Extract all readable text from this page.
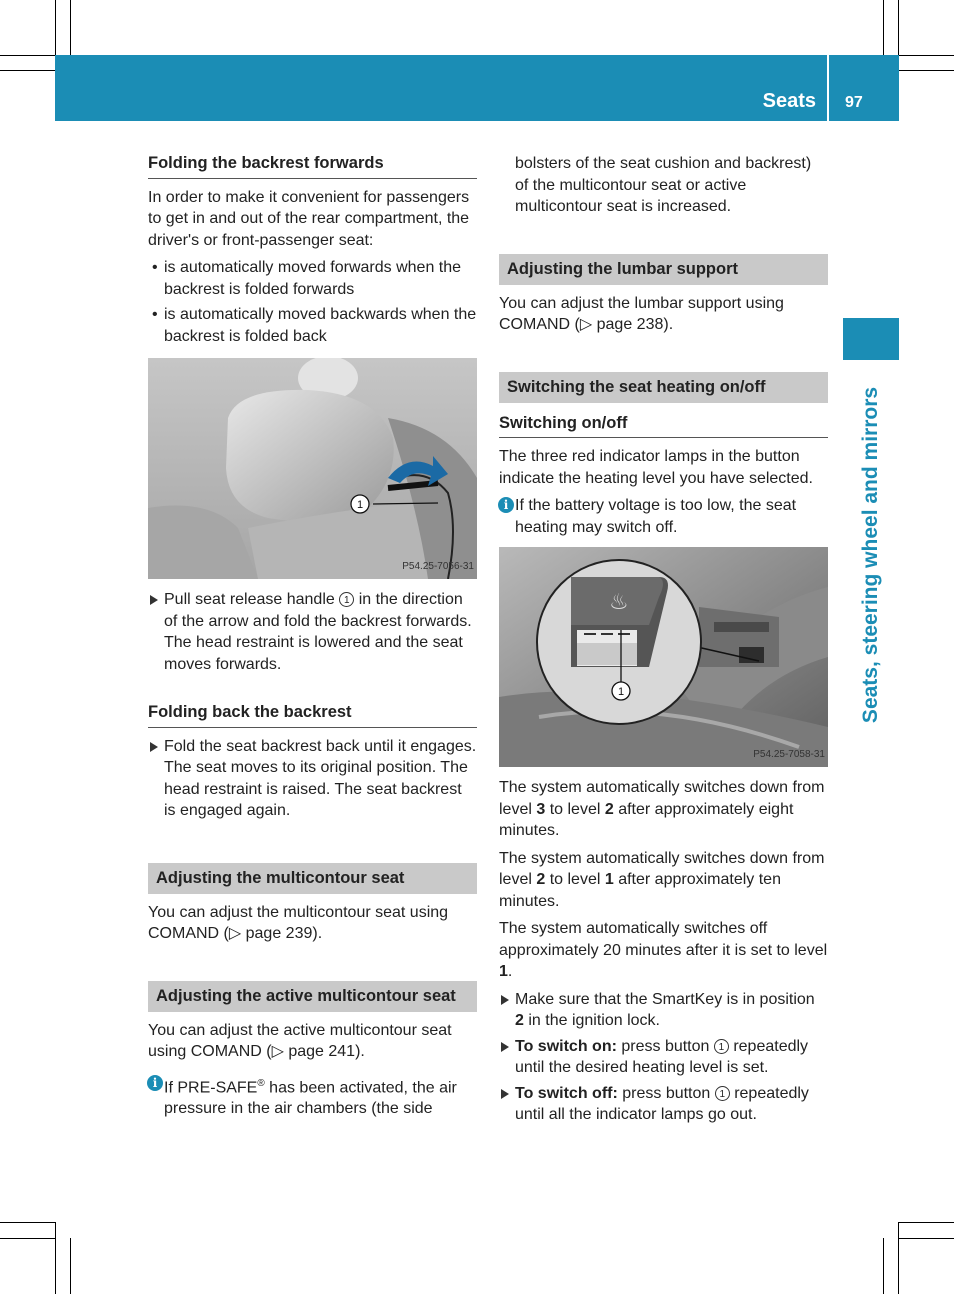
Seats 97
Seats, steering wheel and mirrors
Folding the backrest forwards

In order to make it convenient for passengers to get in and out of the rear compartment, the driver's or front-passenger seat:

• is automatically moved forwards when the backrest is folded forwards
• is automatically moved backwards when the backrest is folded back
1
P54.25-7056-31
Pull seat release handle 1 in the direction of the arrow and fold the backrest forwards.
The head restraint is lowered and the seat moves forwards.
Folding back the backrest
Fold the seat backrest back until it engages.
The seat moves to its original position. The head restraint is raised. The seat backrest is engaged again.
Adjusting the multicontour seat

You can adjust the multicontour seat using COMAND (▷ page 239).

Adjusting the active multicontour seat

You can adjust the active multicontour seat using COMAND (▷ page 241).

i If PRE-SAFE® has been activated, the air pressure in the air chambers (the side

bolsters of the seat cushion and backrest) of the multicontour seat or active multicontour seat is increased.

Adjusting the lumbar support

You can adjust the lumbar support using COMAND (▷ page 238).

Switching the seat heating on/off
Switching on/off

The three red indicator lamps in the button indicate the heating level you have selected.

i If the battery voltage is too low, the seat heating may switch off.
♨
1
P54.25-7058-31

The system automatically switches down from level 3 to level 2 after approximately eight minutes.

The system automatically switches down from level 2 to level 1 after approximately ten minutes.

The system automatically switches off approximately 20 minutes after it is set to level 1.

Make sure that the SmartKey is in position 2 in the ignition lock.
To switch on: press button 1 repeatedly until the desired heating level is set.
To switch off: press button 1 repeatedly until all the indicator lamps go out.
